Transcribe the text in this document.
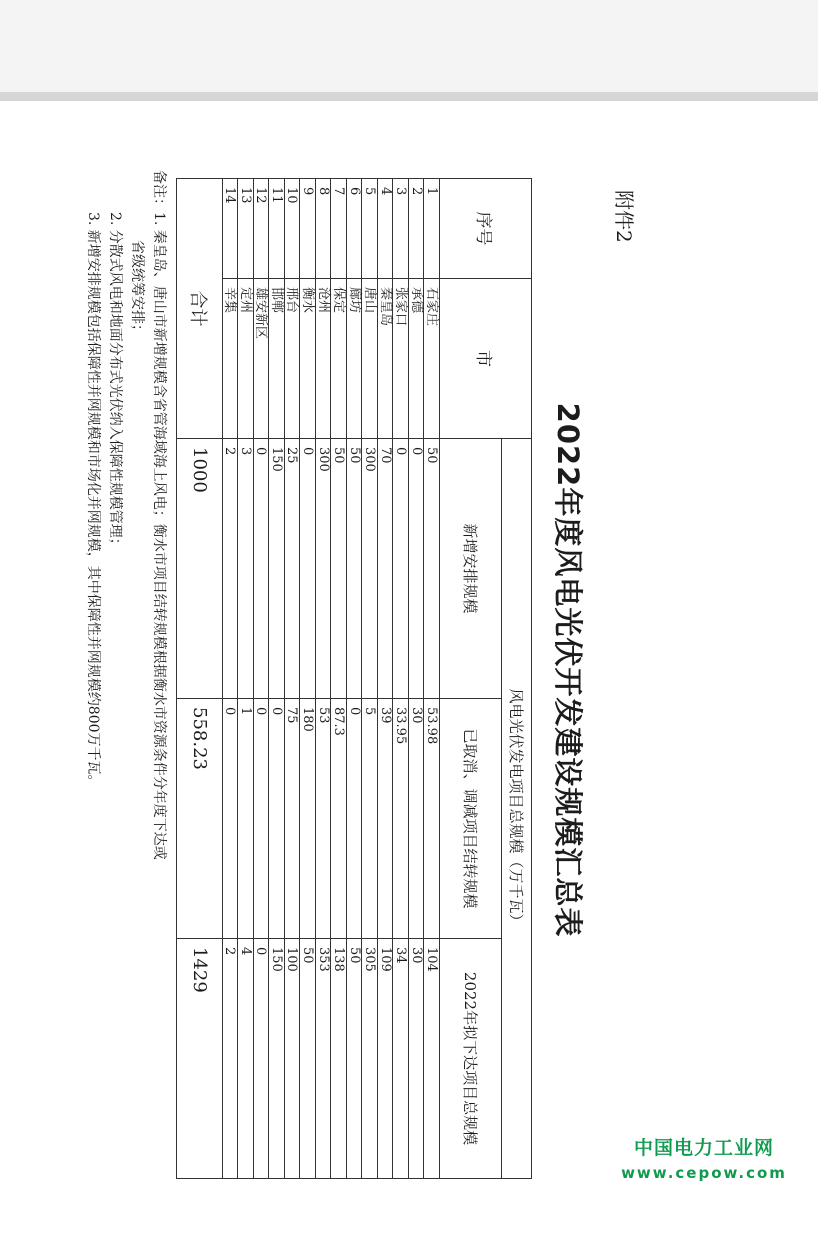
附件2
2022年度风电光伏开发建设规模汇总表
序号	市	风电光伏发电项目总规模（万千瓦）		
		新增安排规模	已取消、调减项目结转规模	2022年拟下达项目总规模
1	石家庄	50	53.98	104
2	承德	0	30	30
3	张家口	0	33.95	34
4	秦皇岛	70	39	109
5	唐山	300	5	305
6	廊坊	50	0	50
7	保定	50	87.3	138
8	沧州	300	53	353
9	衡水	0	180	50
10	邢台	25	75	100
11	邯郸	150	0	150
12	雄安新区	0	0	0
13	定州	3	1	4
14	辛集	2	0	2
合计		1000	558.23	1429
备注：1. 秦皇岛、唐山市新增规模含省管海域海上风电；衡水市项目结转规模根据衡水市资源条件分年度下达或
省级统筹安排；
2. 分散式风电和地面分布式光伏纳入保障性规模管理；
3. 新增安排规模包括保障性并网规模和市场化并网规模，其中保障性并网规模约800万千瓦。
中国电力工业网
www.cepow.com
